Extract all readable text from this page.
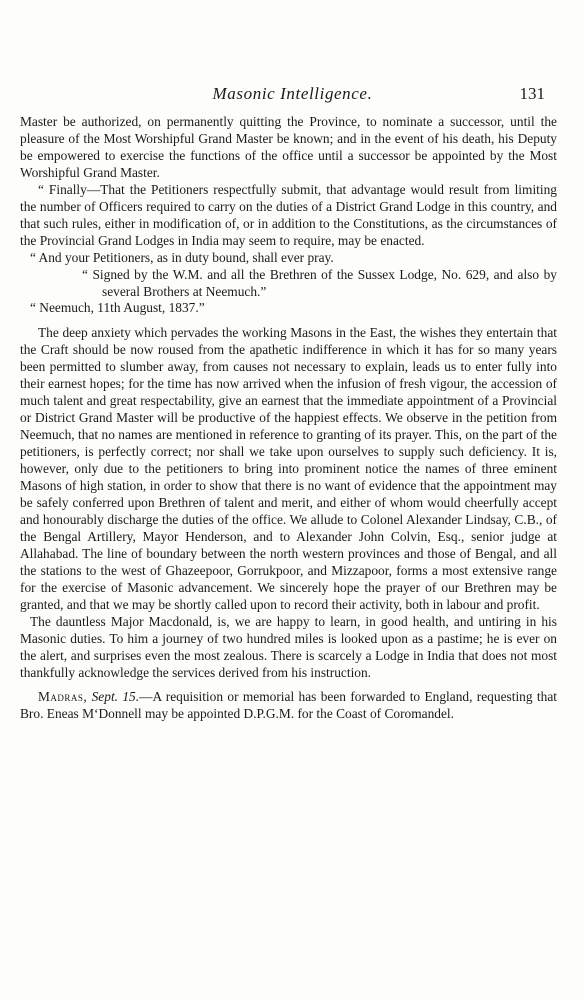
Masonic Intelligence.	131

Master be authorized, on permanently quitting the Province, to nominate a successor, until the pleasure of the Most Worshipful Grand Master be known; and in the event of his death, his Deputy be empowered to exercise the functions of the office until a successor be appointed by the Most Worshipful Grand Master.

“ Finally—That the Petitioners respectfully submit, that advantage would result from limiting the number of Officers required to carry on the duties of a District Grand Lodge in this country, and that such rules, either in modification of, or in addition to the Constitutions, as the circumstances of the Provincial Grand Lodges in India may seem to require, may be enacted.

“ And your Petitioners, as in duty bound, shall ever pray.

“ Signed by the W.M. and all the Brethren of the Sussex Lodge, No. 629, and also by several Brothers at Neemuch.”

“ Neemuch, 11th August, 1837.”

The deep anxiety which pervades the working Masons in the East, the wishes they entertain that the Craft should be now roused from the apathetic indifference in which it has for so many years been permitted to slumber away, from causes not necessary to explain, leads us to enter fully into their earnest hopes; for the time has now arrived when the infusion of fresh vigour, the accession of much talent and great respectability, give an earnest that the immediate appointment of a Provincial or District Grand Master will be productive of the happiest effects. We observe in the petition from Neemuch, that no names are mentioned in reference to granting of its prayer. This, on the part of the petitioners, is perfectly correct; nor shall we take upon ourselves to supply such deficiency. It is, however, only due to the petitioners to bring into prominent notice the names of three eminent Masons of high station, in order to show that there is no want of evidence that the appointment may be safely conferred upon Brethren of talent and merit, and either of whom would cheerfully accept and honourably discharge the duties of the office. We allude to Colonel Alexander Lindsay, C.B., of the Bengal Artillery, Mayor Henderson, and to Alexander John Colvin, Esq., senior judge at Allahabad. The line of boundary between the north western provinces and those of Bengal, and all the stations to the west of Ghazeepoor, Gorrukpoor, and Mizzapoor, forms a most extensive range for the exercise of Masonic advancement. We sincerely hope the prayer of our Brethren may be granted, and that we may be shortly called upon to record their activity, both in labour and profit.

The dauntless Major Macdonald, is, we are happy to learn, in good health, and untiring in his Masonic duties. To him a journey of two hundred miles is looked upon as a pastime; he is ever on the alert, and surprises even the most zealous. There is scarcely a Lodge in India that does not most thankfully acknowledge the services derived from his instruction.

Madras, Sept. 15.—A requisition or memorial has been forwarded to England, requesting that Bro. Eneas M‘Donnell may be appointed D.P.G.M. for the Coast of Coromandel.
